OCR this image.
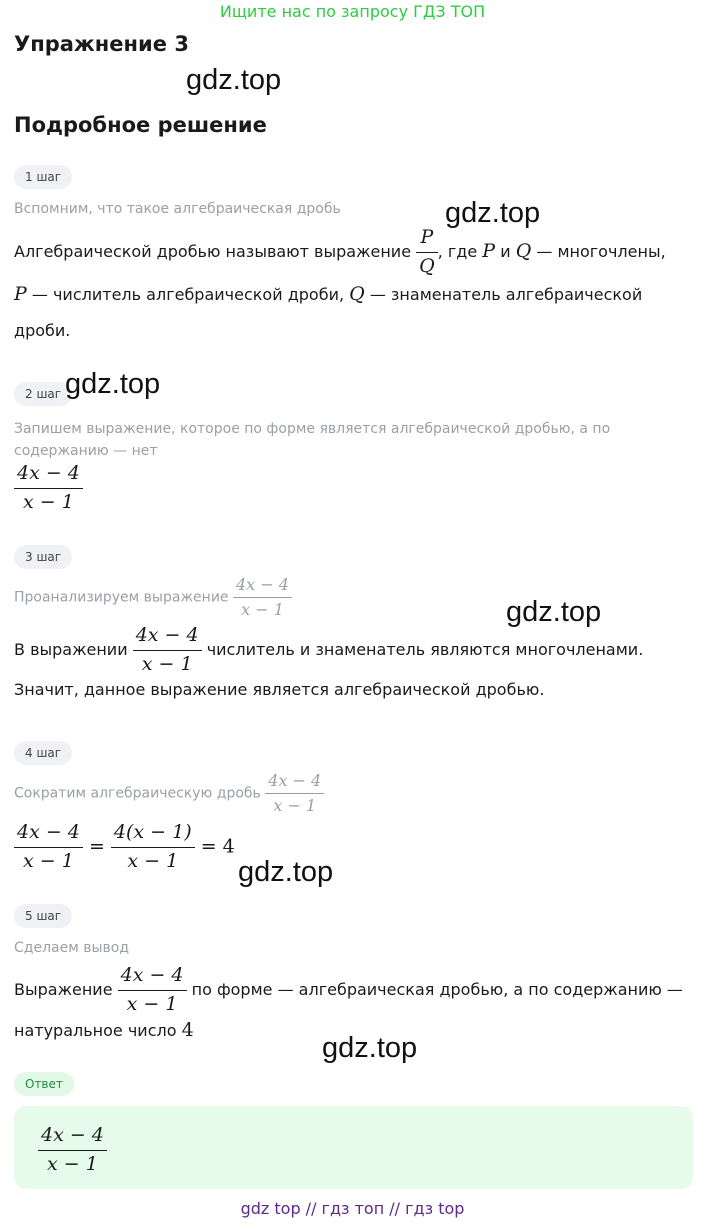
Ищите нас по запросу ГДЗ ТОП
Упражнение 3
gdz.top
Подробное решение
1 шаг
Вспомним, что такое алгебраическая дробь	gdz.top
Алгебраической дробью называют выражение $\frac{P}{Q}$ , где P и Q — многочлены,
P — числитель алгебраической дроби, Q — знаменатель алгебраической
дроби.
2 шаг gdz.top
Запишем выражение, которое по форме является алгебраической дробью, а по содержанию — нет
$\frac{4x - 4}{x - 1}$
3 шаг
Проанализируем выражение $\frac{4x - 4}{x - 1}$	gdz.top
В выражении $\frac{4x - 4}{x - 1}$ числитель и знаменатель являются многочленами.
Значит, данное выражение является алгебраической дробью.
4 шаг
Сократим алгебраическую дробь $\frac{4x - 4}{x - 1}$
$\frac{4x - 4}{x - 1} = \frac{4(x - 1)}{x - 1} = 4$
gdz.top
5 шаг
Сделаем вывод
Выражение $\frac{4x - 4}{x - 1}$ по форме — алгебраическая дробью, а по содержанию —
натуральное число 4
gdz.top
Ответ
$\frac{4x - 4}{x - 1}$
gdz top // гдз топ // гдз top
